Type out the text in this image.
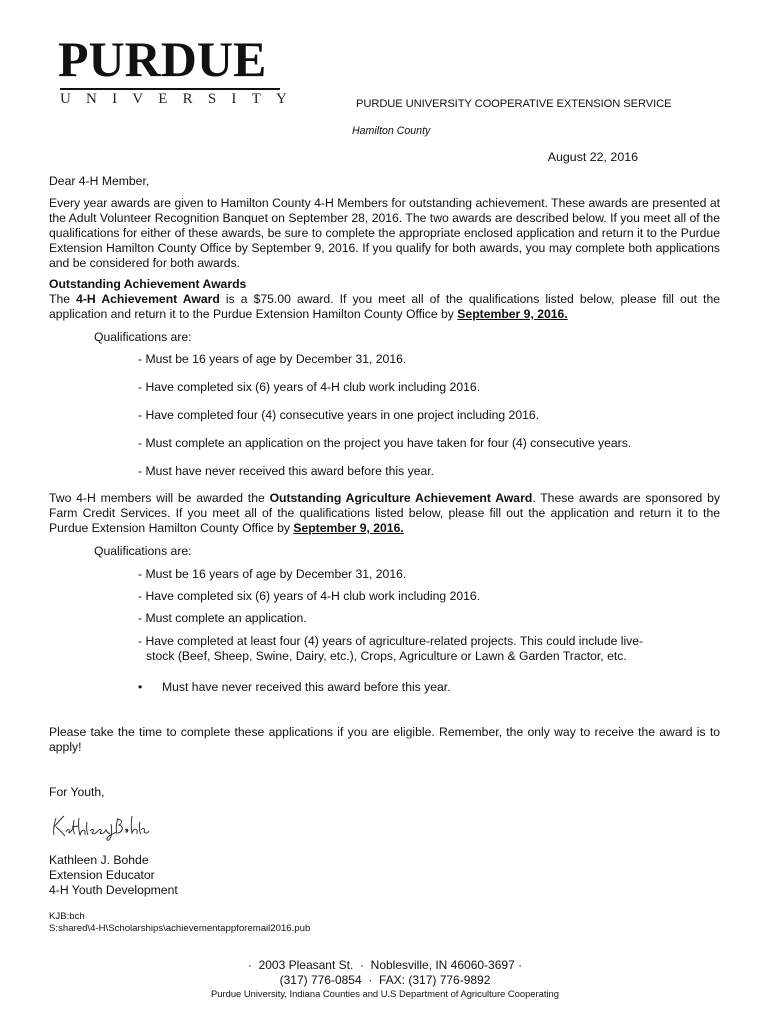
PURDUE
UNIVERSITY	PURDUE UNIVERSITY COOPERATIVE EXTENSION SERVICE
Hamilton County
August 22, 2016
Dear 4-H Member,
Every year awards are given to Hamilton County 4-H Members for outstanding achievement. These awards are presented at the Adult Volunteer Recognition Banquet on September 28, 2016. The two awards are described below. If you meet all of the qualifications for either of these awards, be sure to complete the appropriate enclosed application and return it to the Purdue Extension Hamilton County Office by September 9, 2016. If you qualify for both awards, you may complete both applications and be considered for both awards.
Outstanding Achievement Awards
The 4-H Achievement Award is a $75.00 award. If you meet all of the qualifications listed below, please fill out the application and return it to the Purdue Extension Hamilton County Office by September 9, 2016.
Qualifications are:
- Must be 16 years of age by December 31, 2016.
- Have completed six (6) years of 4-H club work including 2016.
- Have completed four (4) consecutive years in one project including 2016.
- Must complete an application on the project you have taken for four (4) consecutive years.
- Must have never received this award before this year.
Two 4-H members will be awarded the Outstanding Agriculture Achievement Award. These awards are sponsored by Farm Credit Services. If you meet all of the qualifications listed below, please fill out the application and return it to the Purdue Extension Hamilton County Office by September 9, 2016.
Qualifications are:
- Must be 16 years of age by December 31, 2016.
- Have completed six (6) years of 4-H club work including 2016.
- Must complete an application.
- Have completed at least four (4) years of agriculture-related projects. This could include live-
stock (Beef, Sheep, Swine, Dairy, etc.), Crops, Agriculture or Lawn & Garden Tractor, etc.
• Must have never received this award before this year.
Please take the time to complete these applications if you are eligible. Remember, the only way to receive the award is to apply!
For Youth,
Kathleen J. Bohde
Extension Educator
4-H Youth Development
KJB:bch
S:shared\4-H\Scholarships\achievementappforemail2016.pub
· 2003 Pleasant St. · Noblesville, IN 46060-3697 ·
(317) 776-0854 · FAX: (317) 776-9892
Purdue University, Indiana Counties and U.S Department of Agriculture Cooperating
